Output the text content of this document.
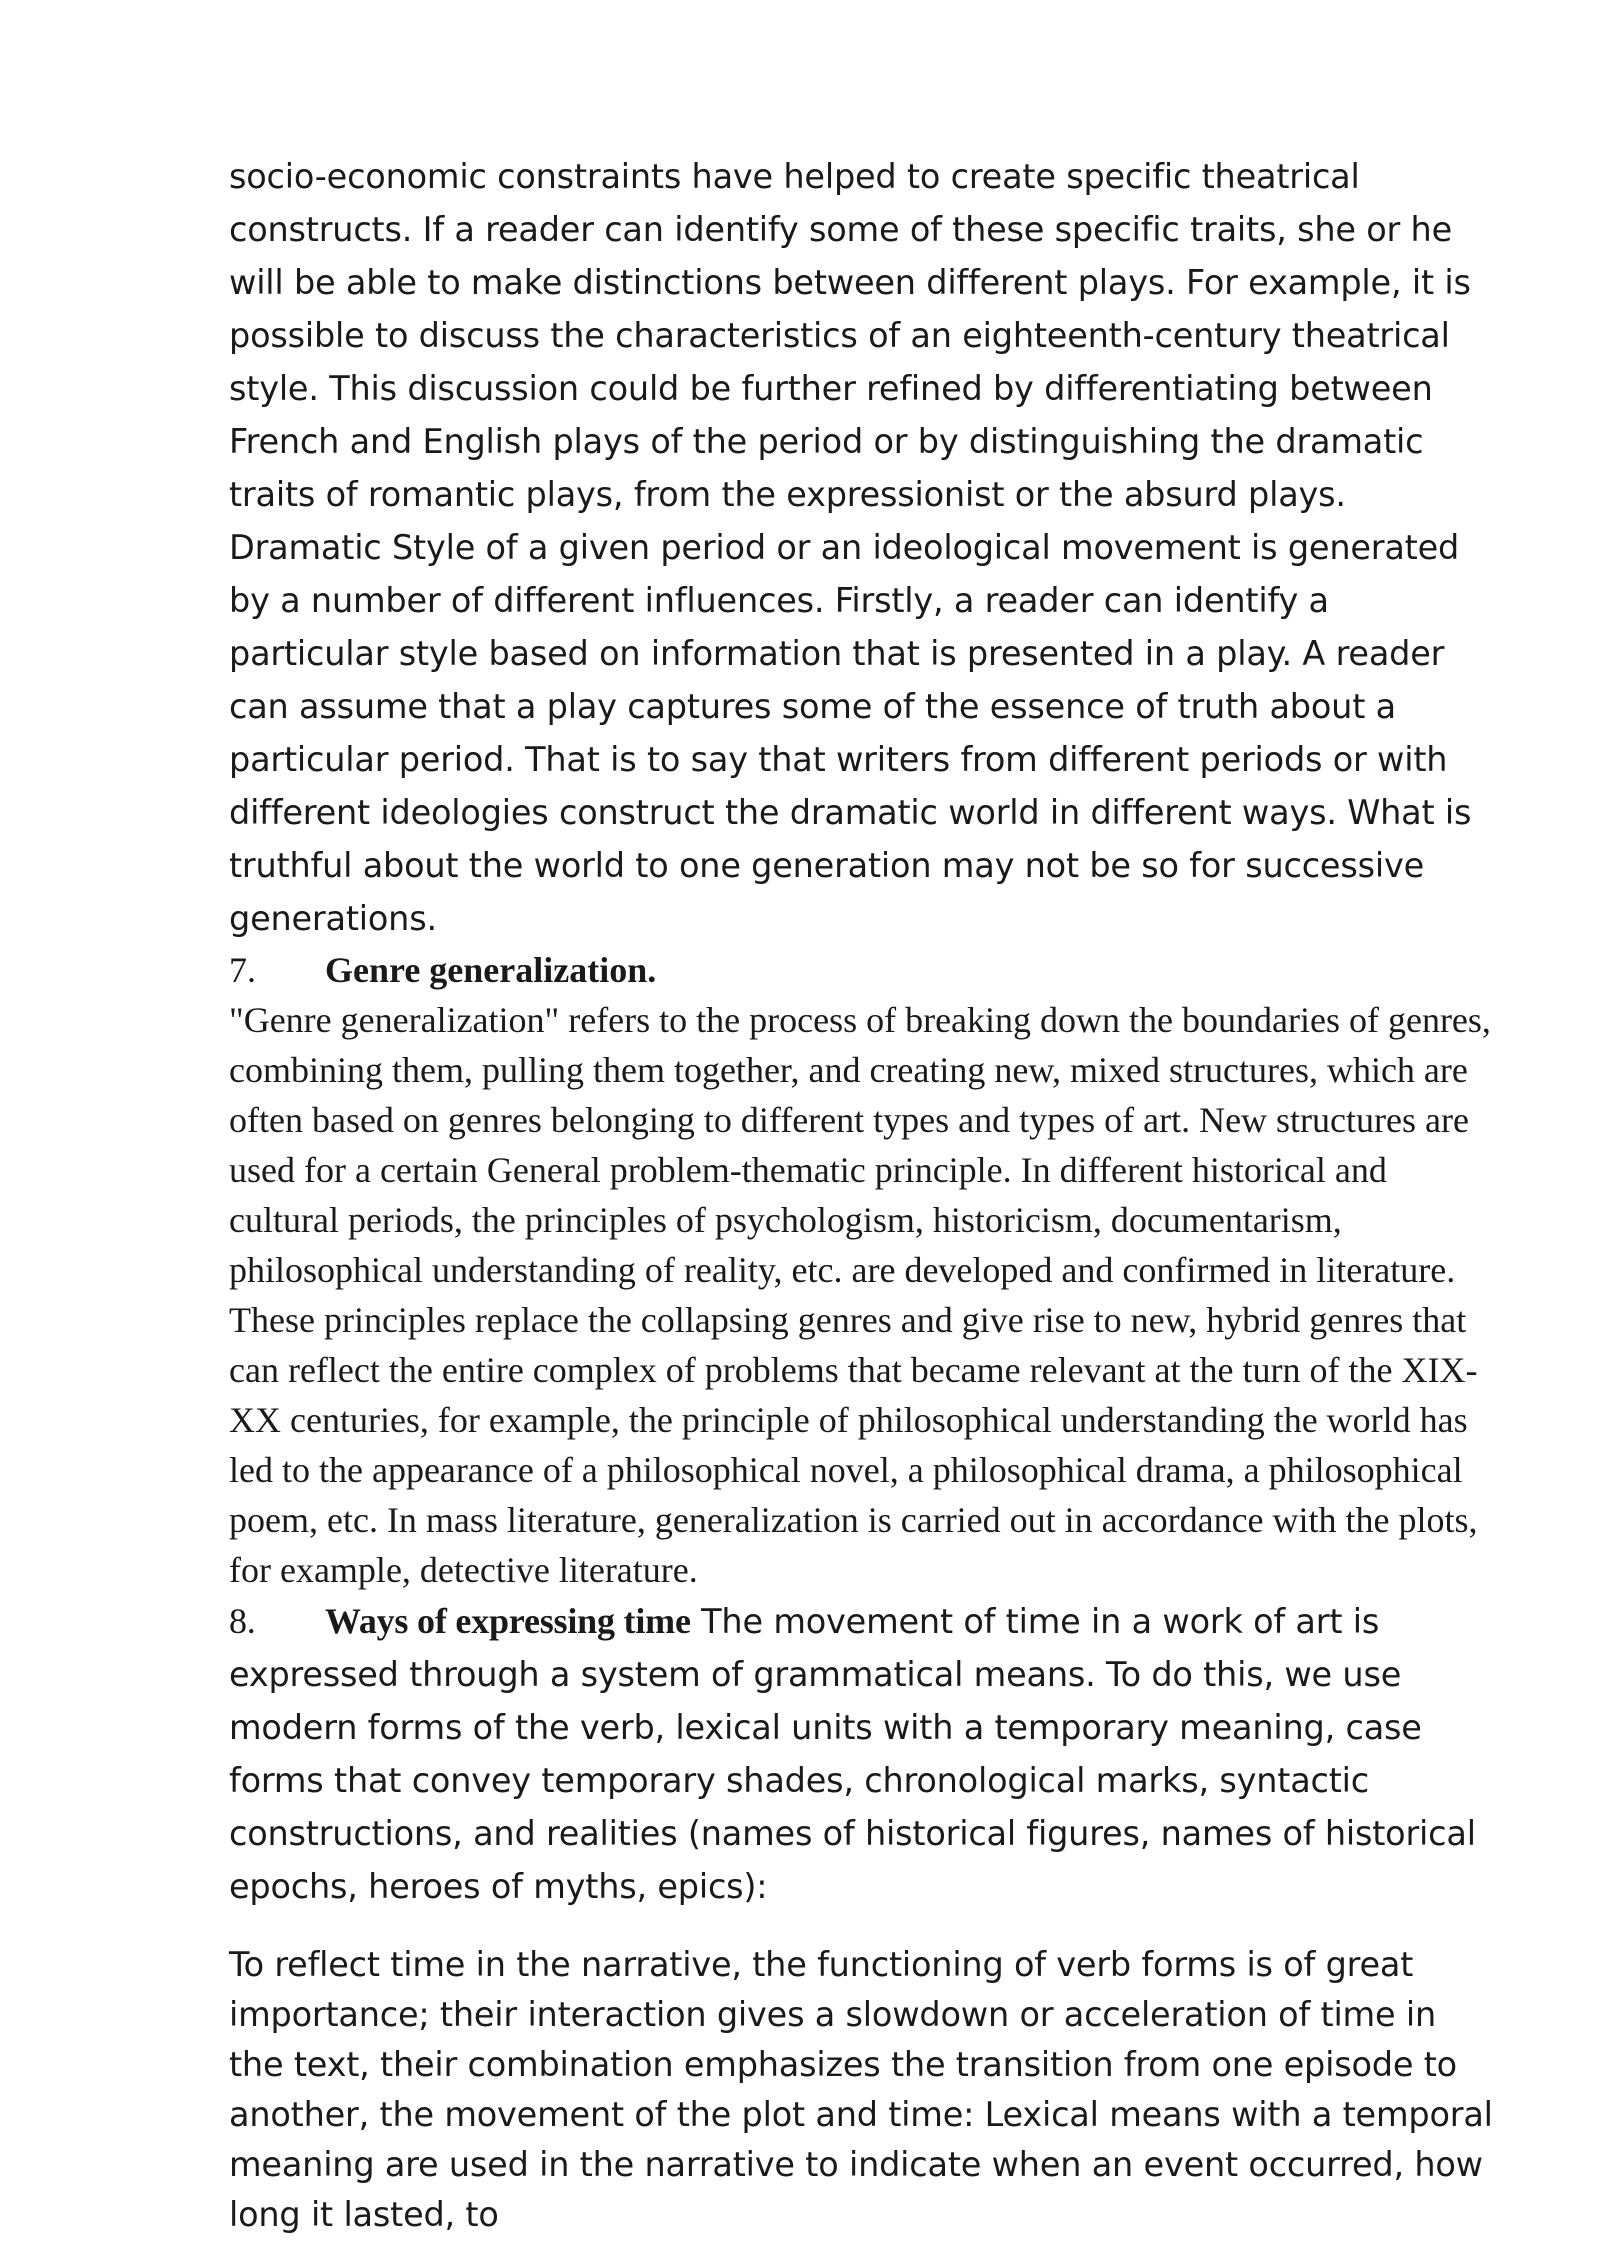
socio-economic constraints have helped to create specific theatrical constructs. If a reader can identify some of these specific traits, she or he will be able to make distinctions between different plays. For example, it is possible to discuss the characteristics of an eighteenth-century theatrical style. This discussion could be further refined by differentiating between French and English plays of the period or by distinguishing the dramatic traits of romantic plays, from the expressionist or the absurd plays. Dramatic Style of a given period or an ideological movement is generated by a number of different influences. Firstly, a reader can identify a particular style based on information that is presented in a play. A reader can assume that a play captures some of the essence of truth about a particular period. That is to say that writers from different periods or with different ideologies construct the dramatic world in different ways. What is truthful about the world to one generation may not be so for successive generations.

7. Genre generalization.

"Genre generalization" refers to the process of breaking down the boundaries of genres, combining them, pulling them together, and creating new, mixed structures, which are often based on genres belonging to different types and types of art. New structures are used for a certain General problem-thematic principle. In different historical and cultural periods, the principles of psychologism, historicism, documentarism, philosophical understanding of reality, etc. are developed and confirmed in literature. These principles replace the collapsing genres and give rise to new, hybrid genres that can reflect the entire complex of problems that became relevant at the turn of the XIX-XX centuries, for example, the principle of philosophical understanding the world has led to the appearance of a philosophical novel, a philosophical drama, a philosophical poem, etc. In mass literature, generalization is carried out in accordance with the plots, for example, detective literature.

8. Ways of expressing time The movement of time in a work of art is expressed through a system of grammatical means. To do this, we use modern forms of the verb, lexical units with a temporary meaning, case forms that convey temporary shades, chronological marks, syntactic constructions, and realities (names of historical figures, names of historical epochs, heroes of myths, epics):

To reflect time in the narrative, the functioning of verb forms is of great importance; their interaction gives a slowdown or acceleration of time in the text, their combination emphasizes the transition from one episode to another, the movement of the plot and time: Lexical means with a temporal meaning are used in the narrative to indicate when an event occurred, how long it lasted, to
